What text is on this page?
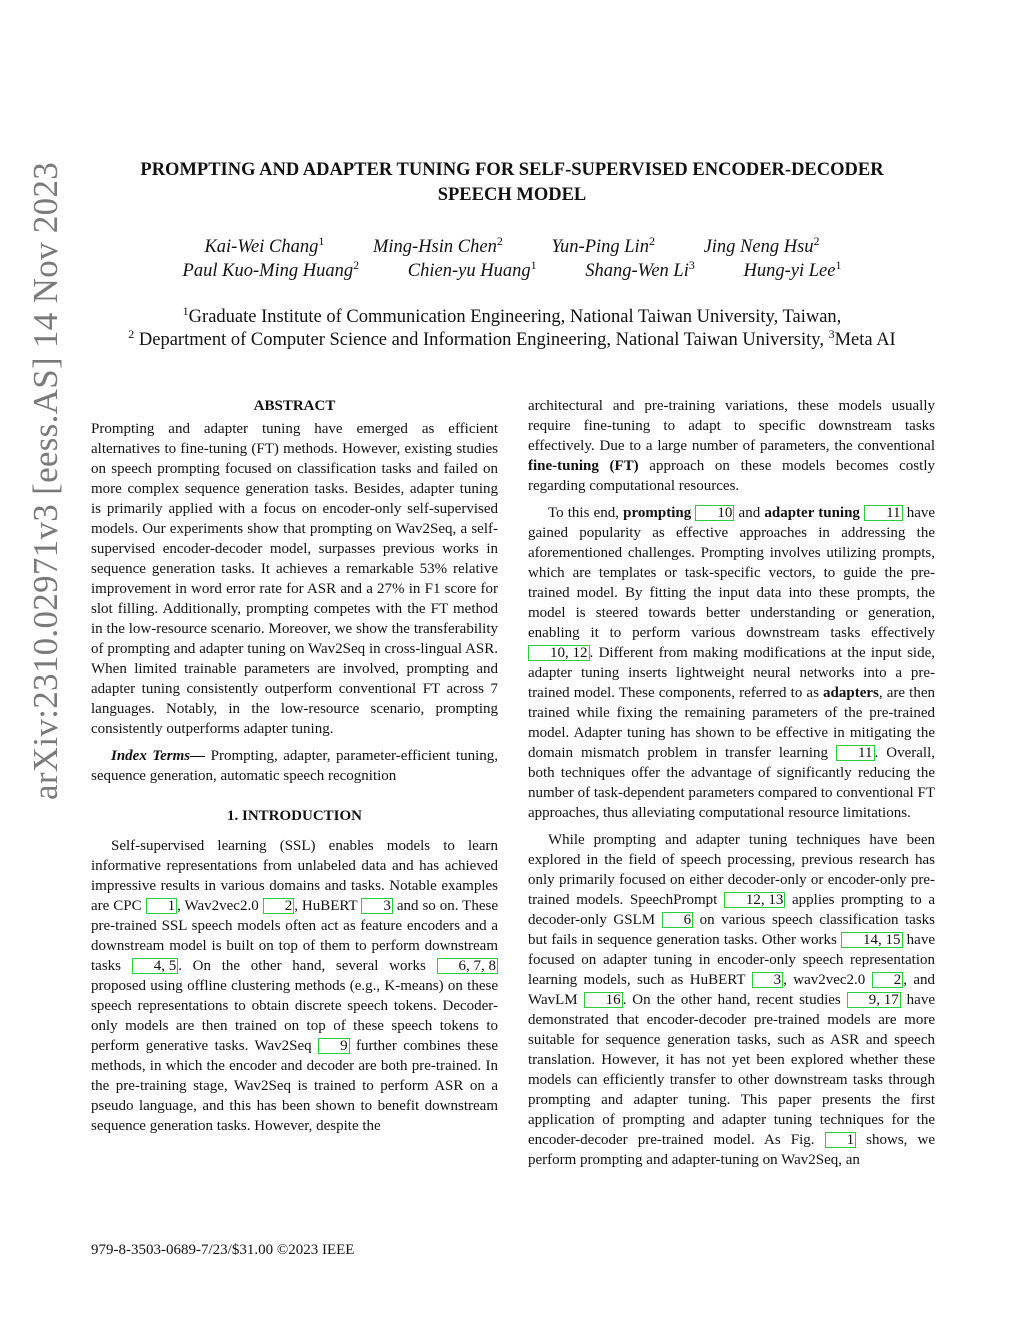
arXiv:2310.02971v3 [eess.AS] 14 Nov 2023	PROMPTING AND ADAPTER TUNING FOR SELF-SUPERVISED ENCODER-DECODER
SPEECH MODEL
Kai-Wei Chang$^1$	Ming-Hsin Chen$^2$	Yun-Ping Lin$^2$	Jing Neng Hsu$^2$
Paul Kuo-Ming Huang$^2$	Chien-yu Huang$^1$	Shang-Wen Li$^3$	Hung-yi Lee$^1$
$^1$Graduate Institute of Communication Engineering, National Taiwan University, Taiwan,
$^2$ Department of Computer Science and Information Engineering, National Taiwan University, $^3$Meta AI
ABSTRACT

Prompting and adapter tuning have emerged as efficient alternatives to fine-tuning (FT) methods. However, existing studies on speech prompting focused on classification tasks and failed on more complex sequence generation tasks. Besides, adapter tuning is primarily applied with a focus on encoder-only self-supervised models. Our experiments show that prompting on Wav2Seq, a self-supervised encoder-decoder model, surpasses previous works in sequence generation tasks. It achieves a remarkable 53% relative improvement in word error rate for ASR and a 27% in F1 score for slot filling. Additionally, prompting competes with the FT method in the low-resource scenario. Moreover, we show the transferability of prompting and adapter tuning on Wav2Seq in cross-lingual ASR. When limited trainable parameters are involved, prompting and adapter tuning consistently outperform conventional FT across 7 languages. Notably, in the low-resource scenario, prompting consistently outperforms adapter tuning.

Index Terms— Prompting, adapter, parameter-efficient tuning, sequence generation, automatic speech recognition

1. INTRODUCTION

Self-supervised learning (SSL) enables models to learn informative representations from unlabeled data and has achieved impressive results in various domains and tasks. Notable examples are CPC 1 , Wav2vec2.0 2 , HuBERT 3 and so on. These pre-trained SSL speech models often act as feature encoders and a downstream model is built on top of them to perform downstream tasks 4, 5 . On the other hand, several works 6, 7, 8 proposed using offline clustering methods (e.g., K-means) on these speech representations to obtain discrete speech tokens. Decoder-only models are then trained on top of these speech tokens to perform generative tasks. Wav2Seq 9 further combines these methods, in which the encoder and decoder are both pre-trained. In the pre-training stage, Wav2Seq is trained to perform ASR on a pseudo language, and this has been shown to benefit downstream sequence generation tasks. However, despite the

architectural and pre-training variations, these models usually require fine-tuning to adapt to specific downstream tasks effectively. Due to a large number of parameters, the conventional fine-tuning (FT) approach on these models becomes costly regarding computational resources.

To this end, prompting 10 and adapter tuning 11 have gained popularity as effective approaches in addressing the aforementioned challenges. Prompting involves utilizing prompts, which are templates or task-specific vectors, to guide the pre-trained model. By fitting the input data into these prompts, the model is steered towards better understanding or generation, enabling it to perform various downstream tasks effectively 10, 12 . Different from making modifications at the input side, adapter tuning inserts lightweight neural networks into a pre-trained model. These components, referred to as adapters, are then trained while fixing the remaining parameters of the pre-trained model. Adapter tuning has shown to be effective in mitigating the domain mismatch problem in transfer learning 11 . Overall, both techniques offer the advantage of significantly reducing the number of task-dependent parameters compared to conventional FT approaches, thus alleviating computational resource limitations.

While prompting and adapter tuning techniques have been explored in the field of speech processing, previous research has only primarily focused on either decoder-only or encoder-only pre-trained models. SpeechPrompt 12, 13 applies prompting to a decoder-only GSLM 6 on various speech classification tasks but fails in sequence generation tasks. Other works 14, 15 have focused on adapter tuning in encoder-only speech representation learning models, such as HuBERT 3 , wav2vec2.0 2 , and WavLM 16 . On the other hand, recent studies 9, 17 have demonstrated that encoder-decoder pre-trained models are more suitable for sequence generation tasks, such as ASR and speech translation. However, it has not yet been explored whether these models can efficiently transfer to other downstream tasks through prompting and adapter tuning. This paper presents the first application of prompting and adapter tuning techniques for the encoder-decoder pre-trained model. As Fig. 1 shows, we perform prompting and adapter-tuning on Wav2Seq, an

979-8-3503-0689-7/23/$31.00 ©2023 IEEE
